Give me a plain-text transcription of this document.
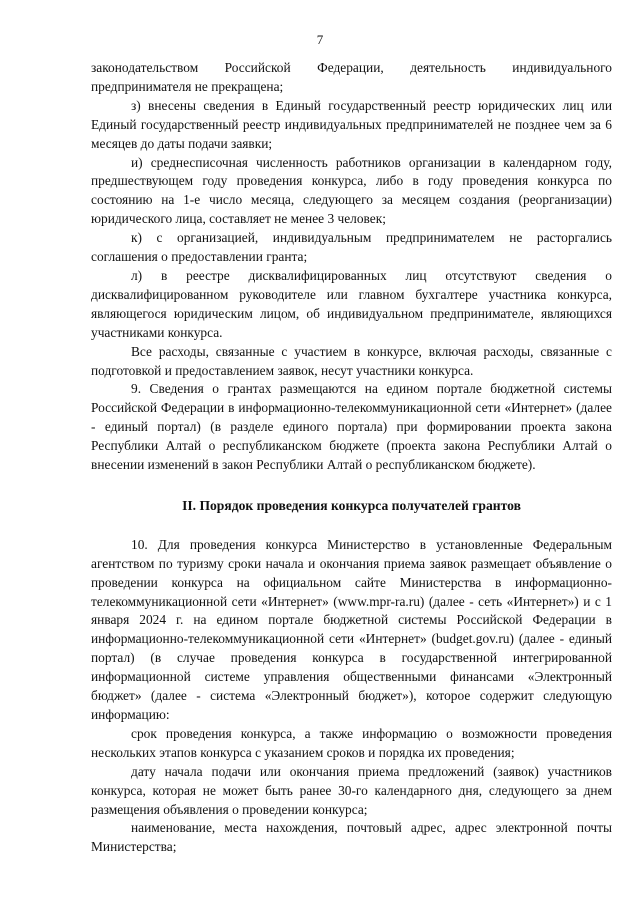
7

законодательством Российской Федерации, деятельность индивидуального предпринимателя не прекращена;

з) внесены сведения в Единый государственный реестр юридических лиц или Единый государственный реестр индивидуальных предпринимателей не позднее чем за 6 месяцев до даты подачи заявки;

и) среднесписочная численность работников организации в календарном году, предшествующем году проведения конкурса, либо в году проведения конкурса по состоянию на 1-е число месяца, следующего за месяцем создания (реорганизации) юридического лица, составляет не менее 3 человек;

к) с организацией, индивидуальным предпринимателем не расторгались соглашения о предоставлении гранта;

л) в реестре дисквалифицированных лиц отсутствуют сведения о дисквалифицированном руководителе или главном бухгалтере участника конкурса, являющегося юридическим лицом, об индивидуальном предпринимателе, являющихся участниками конкурса.

Все расходы, связанные с участием в конкурсе, включая расходы, связанные с подготовкой и предоставлением заявок, несут участники конкурса.

9. Сведения о грантах размещаются на едином портале бюджетной системы Российской Федерации в информационно-телекоммуникационной сети «Интернет» (далее - единый портал) (в разделе единого портала) при формировании проекта закона Республики Алтай о республиканском бюджете (проекта закона Республики Алтай о внесении изменений в закон Республики Алтай о республиканском бюджете).

II. Порядок проведения конкурса получателей грантов

10. Для проведения конкурса Министерство в установленные Федеральным агентством по туризму сроки начала и окончания приема заявок размещает объявление о проведении конкурса на официальном сайте Министерства в информационно-телекоммуникационной сети «Интернет» (www.mpr-ra.ru) (далее - сеть «Интернет») и с 1 января 2024 г. на едином портале бюджетной системы Российской Федерации в информационно-телекоммуникационной сети «Интернет» (budget.gov.ru) (далее - единый портал) (в случае проведения конкурса в государственной интегрированной информационной системе управления общественными финансами «Электронный бюджет» (далее - система «Электронный бюджет»), которое содержит следующую информацию:

срок проведения конкурса, а также информацию о возможности проведения нескольких этапов конкурса с указанием сроков и порядка их проведения;

дату начала подачи или окончания приема предложений (заявок) участников конкурса, которая не может быть ранее 30-го календарного дня, следующего за днем размещения объявления о проведении конкурса;

наименование, места нахождения, почтовый адрес, адрес электронной почты Министерства;
